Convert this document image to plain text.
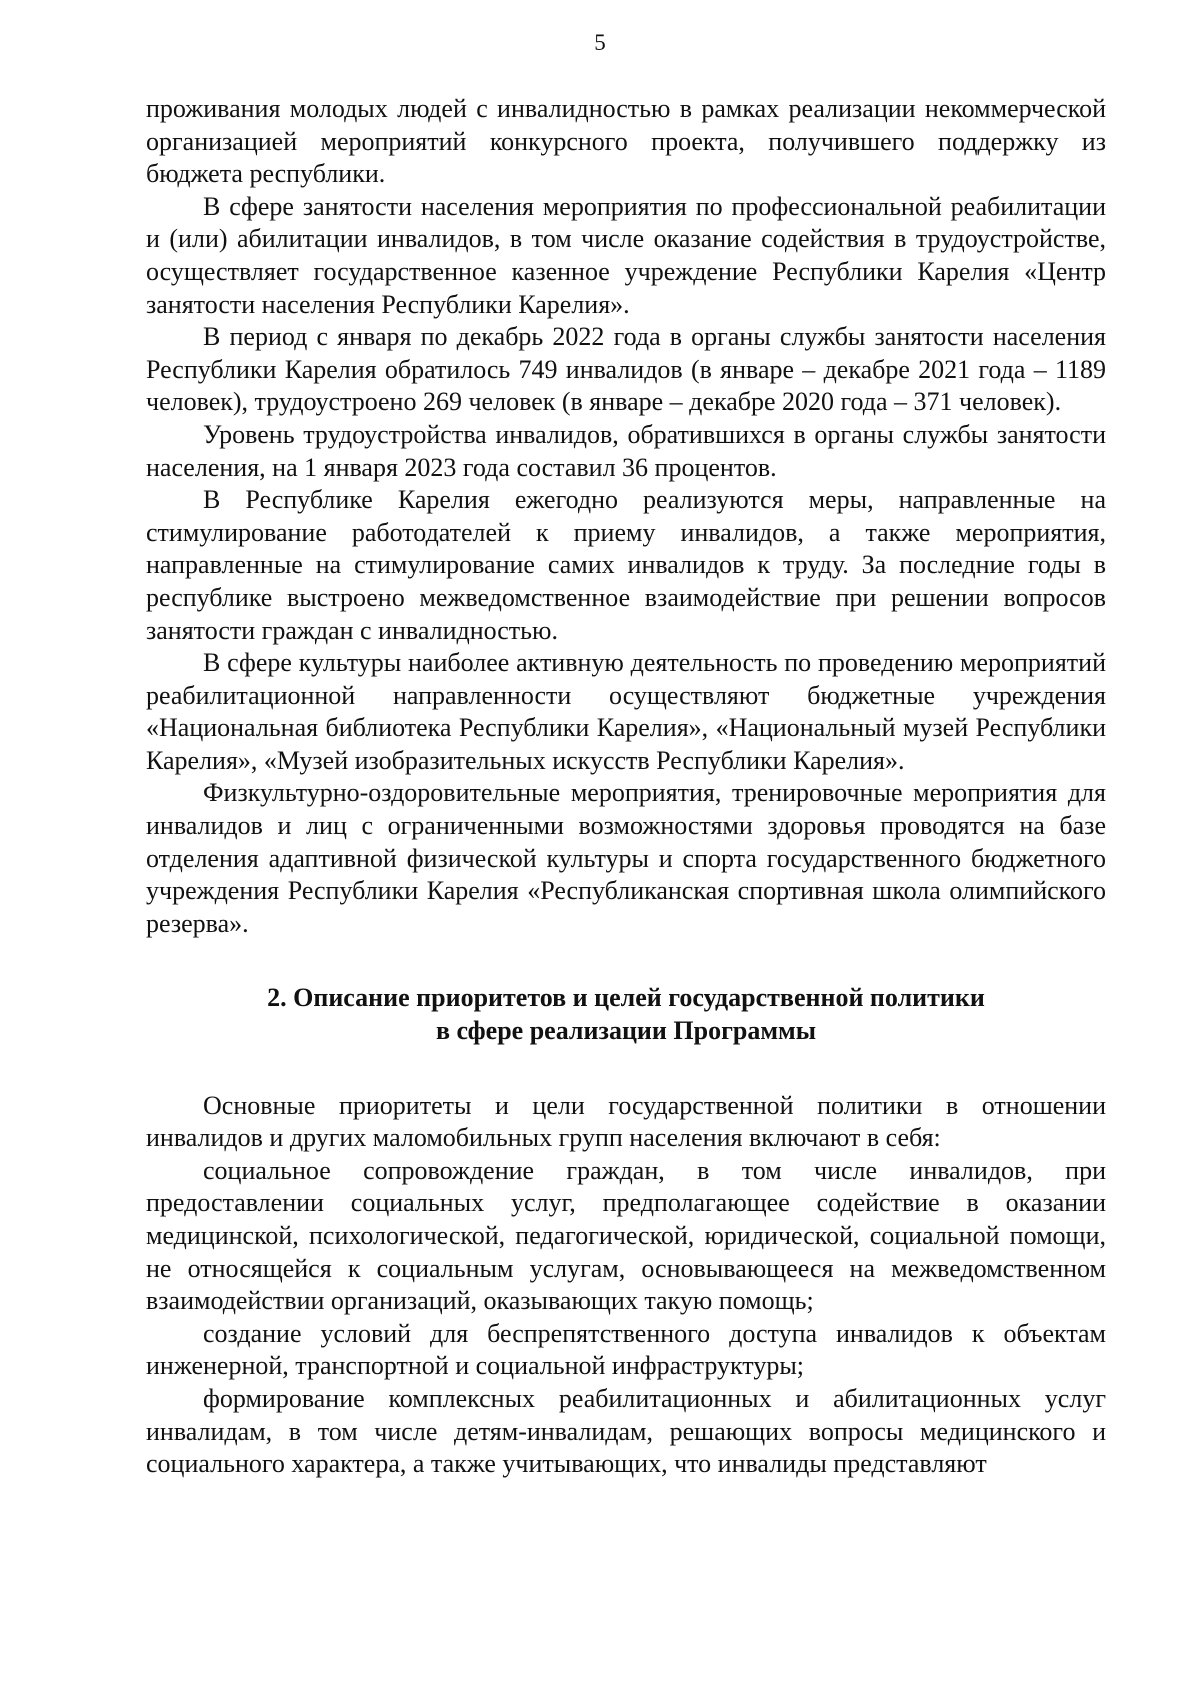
5

проживания молодых людей с инвалидностью в рамках реализации некоммерческой организацией мероприятий конкурсного проекта, получившего поддержку из бюджета республики.

В сфере занятости населения мероприятия по профессиональной реабилитации и (или) абилитации инвалидов, в том числе оказание содействия в трудоустройстве, осуществляет государственное казенное учреждение Республики Карелия «Центр занятости населения Республики Карелия».

В период с января по декабрь 2022 года в органы службы занятости населения Республики Карелия обратилось 749 инвалидов (в январе – декабре 2021 года – 1189 человек), трудоустроено 269 человек (в январе – декабре 2020 года – 371 человек).

Уровень трудоустройства инвалидов, обратившихся в органы службы занятости населения, на 1 января 2023 года составил 36 процентов.

В Республике Карелия ежегодно реализуются меры, направленные на стимулирование работодателей к приему инвалидов, а также мероприятия, направленные на стимулирование самих инвалидов к труду. За последние годы в республике выстроено межведомственное взаимодействие при решении вопросов занятости граждан с инвалидностью.

В сфере культуры наиболее активную деятельность по проведению мероприятий реабилитационной направленности осуществляют бюджетные учреждения «Национальная библиотека Республики Карелия», «Национальный музей Республики Карелия», «Музей изобразительных искусств Республики Карелия».

Физкультурно-оздоровительные мероприятия, тренировочные мероприятия для инвалидов и лиц с ограниченными возможностями здоровья проводятся на базе отделения адаптивной физической культуры и спорта государственного бюджетного учреждения Республики Карелия «Республиканская спортивная школа олимпийского резерва».

2. Описание приоритетов и целей государственной политики
в сфере реализации Программы

Основные приоритеты и цели государственной политики в отношении инвалидов и других маломобильных групп населения включают в себя:

социальное сопровождение граждан, в том числе инвалидов, при предоставлении социальных услуг, предполагающее содействие в оказании медицинской, психологической, педагогической, юридической, социальной помощи, не относящейся к социальным услугам, основывающееся на межведомственном взаимодействии организаций, оказывающих такую помощь;

создание условий для беспрепятственного доступа инвалидов к объектам инженерной, транспортной и социальной инфраструктуры;

формирование комплексных реабилитационных и абилитационных услуг инвалидам, в том числе детям-инвалидам, решающих вопросы медицинского и социального характера, а также учитывающих, что инвалиды представляют
